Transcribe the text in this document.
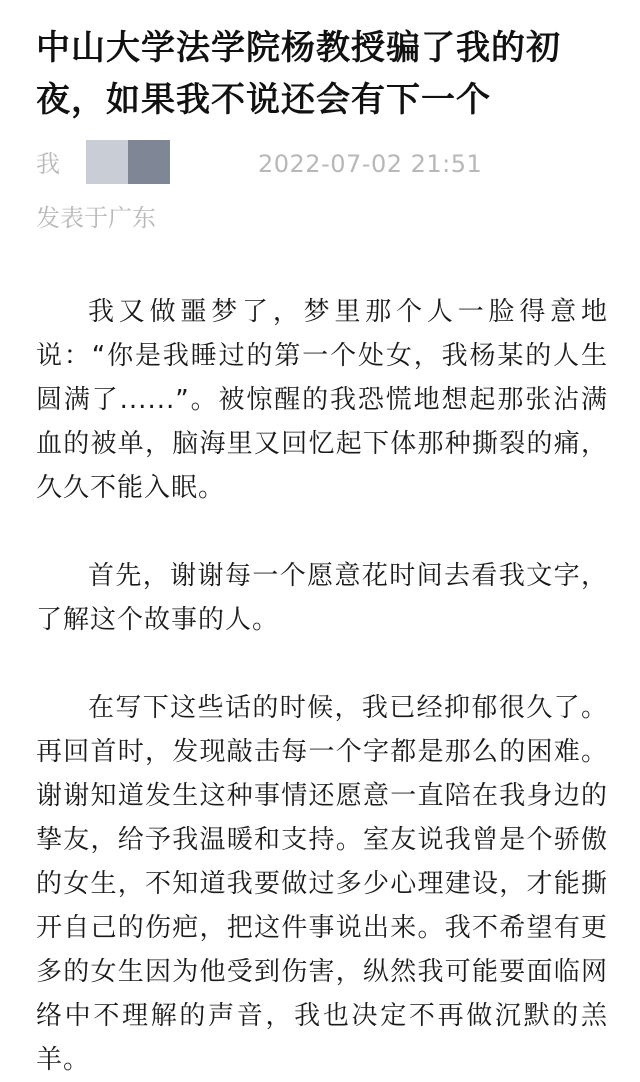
中山大学法学院杨教授骗了我的初夜，如果我不说还会有下一个
我	2022-07-02 21:51
发表于广东

我又做噩梦了，梦里那个人一脸得意地说：“你是我睡过的第一个处女，我杨某的人生圆满了......”。被惊醒的我恐慌地想起那张沾满血的被单，脑海里又回忆起下体那种撕裂的痛，久久不能入眠。

首先，谢谢每一个愿意花时间去看我文字，了解这个故事的人。

在写下这些话的时候，我已经抑郁很久了。再回首时，发现敲击每一个字都是那么的困难。谢谢知道发生这种事情还愿意一直陪在我身边的挚友，给予我温暖和支持。室友说我曾是个骄傲的女生，不知道我要做过多少心理建设，才能撕开自己的伤疤，把这件事说出来。我不希望有更多的女生因为他受到伤害，纵然我可能要面临网络中不理解的声音，我也决定不再做沉默的羔羊。
